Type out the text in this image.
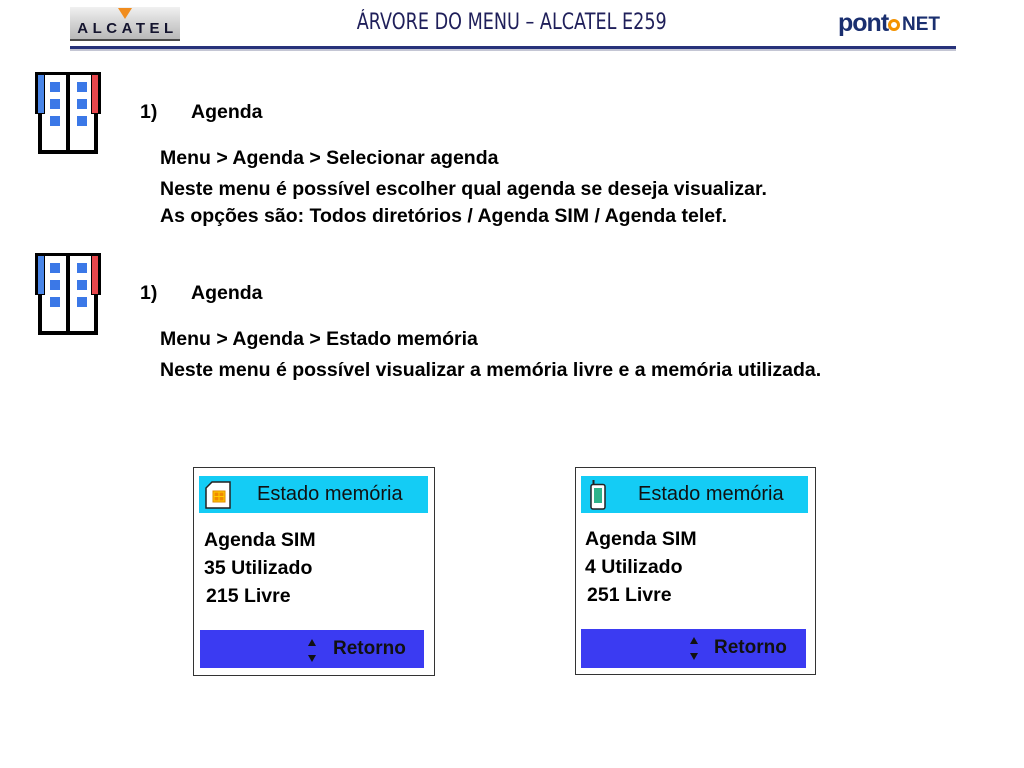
ALCATEL	ÁRVORE DO MENU – ALCATEL E259	pont NET
1) Agenda
Menu > Agenda > Selecionar agenda
Neste menu é possível escolher qual agenda se deseja visualizar.
As opções são: Todos diretórios / Agenda SIM / Agenda telef.
1) Agenda
Menu > Agenda > Estado memória
Neste menu é possível visualizar a memória livre e a memória utilizada.
Estado memória
Agenda SIM
35 Utilizado
215 Livre
Retorno
Estado memória
Agenda SIM
4 Utilizado
251 Livre
Retorno
